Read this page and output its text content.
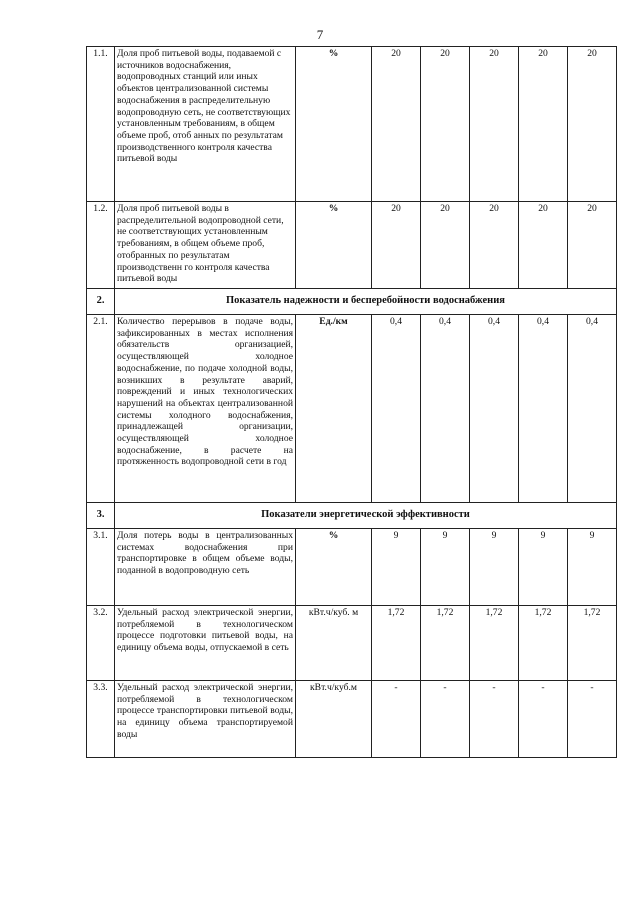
7
1.1.	Доля проб питьевой воды, подаваемой с источников водоснабжения, водопроводных станций или иных объектов централизованной системы водоснабжения в распределительную водопроводную сеть, не соответствующих установленным требованиям, в общем объеме проб, отоб анных по результатам производственного контроля качества питьевой воды	%	20	20	20	20	20
1.2.	Доля проб питьевой воды в распределительной водопроводной сети, не соответствующих установленным требованиям, в общем объеме проб, отобранных по результатам производственн го контроля качества питьевой воды	%	20	20	20	20	20
2.	Показатель надежности и бесперебойности водоснабжения						
2.1.	Количество перерывов в подаче воды, зафиксированных в местах исполнения обязательств организацией, осуществляющей холодное водоснабжение, по подаче холодной воды, возникших в результате аварий, повреждений и иных технологических нарушений на объектах централизованной системы холодного водоснабжения, принадлежащей организации, осуществляющей холодное водоснабжение, в расчете на протяженность водопроводной сети в год	Ед./км	0,4	0,4	0,4	0,4	0,4
3.	Показатели энергетической эффективности						
3.1.	Доля потерь воды в централизованных системах водоснабжения при транспортировке в общем объеме воды, поданной в водопроводную сеть	%	9	9	9	9	9
3.2.	Удельный расход электрической энергии, потребляемой в технологическом процессе подготовки питьевой воды, на единицу объема воды, отпускаемой в сеть	кВт.ч/куб. м	1,72	1,72	1,72	1,72	1,72
3.3.	Удельный расход электрической энергии, потребляемой в технологическом процессе транспортировки питьевой воды, на единицу объема транспортируемой воды	кВт.ч/куб.м	-	-	-	-	-
